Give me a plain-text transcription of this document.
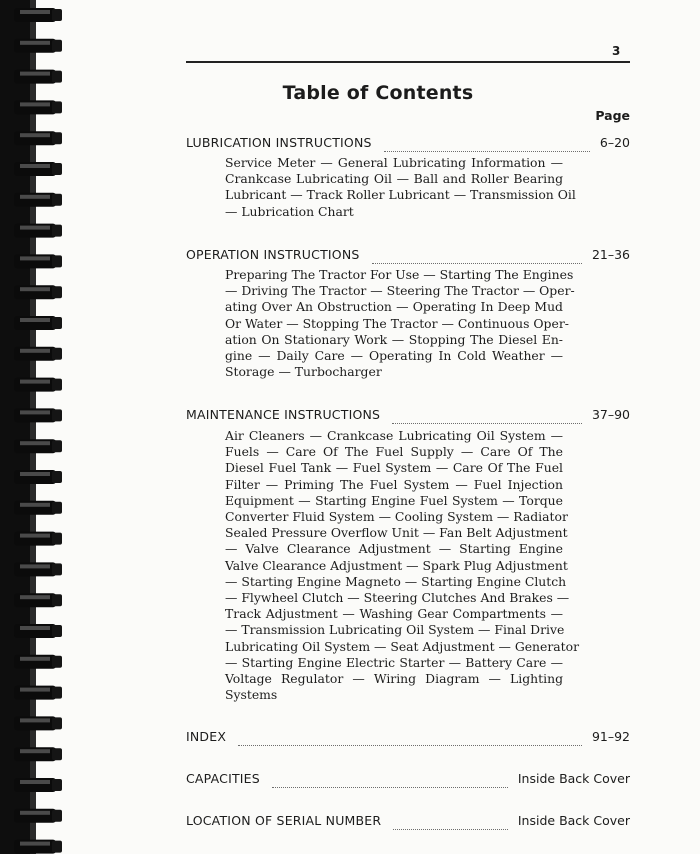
3
Table of Contents
Page
LUBRICATION INSTRUCTIONS	6–20

Service Meter — General Lubricating Information —
Crankcase Lubricating Oil — Ball and Roller Bearing
Lubricant — Track Roller Lubricant — Transmission Oil
— Lubrication Chart

OPERATION INSTRUCTIONS	21–36

Preparing The Tractor For Use — Starting The Engines
— Driving The Tractor — Steering The Tractor — Oper-
ating Over An Obstruction — Operating In Deep Mud
Or Water — Stopping The Tractor — Continuous Oper-
ation On Stationary Work — Stopping The Diesel En-
gine — Daily Care — Operating In Cold Weather —
Storage — Turbocharger

MAINTENANCE INSTRUCTIONS	37–90

Air Cleaners — Crankcase Lubricating Oil System —
Fuels — Care Of The Fuel Supply — Care Of The
Diesel Fuel Tank — Fuel System — Care Of The Fuel
Filter — Priming The Fuel System — Fuel Injection
Equipment — Starting Engine Fuel System — Torque
Converter Fluid System — Cooling System — Radiator
Sealed Pressure Overflow Unit — Fan Belt Adjustment
— Valve Clearance Adjustment — Starting Engine
Valve Clearance Adjustment — Spark Plug Adjustment
— Starting Engine Magneto — Starting Engine Clutch
— Flywheel Clutch — Steering Clutches And Brakes —
Track Adjustment — Washing Gear Compartments —
— Transmission Lubricating Oil System — Final Drive
Lubricating Oil System — Seat Adjustment — Generator
— Starting Engine Electric Starter — Battery Care —
Voltage Regulator — Wiring Diagram — Lighting
Systems

INDEX	91–92
CAPACITIES	Inside Back Cover
LOCATION OF SERIAL NUMBER	Inside Back Cover
